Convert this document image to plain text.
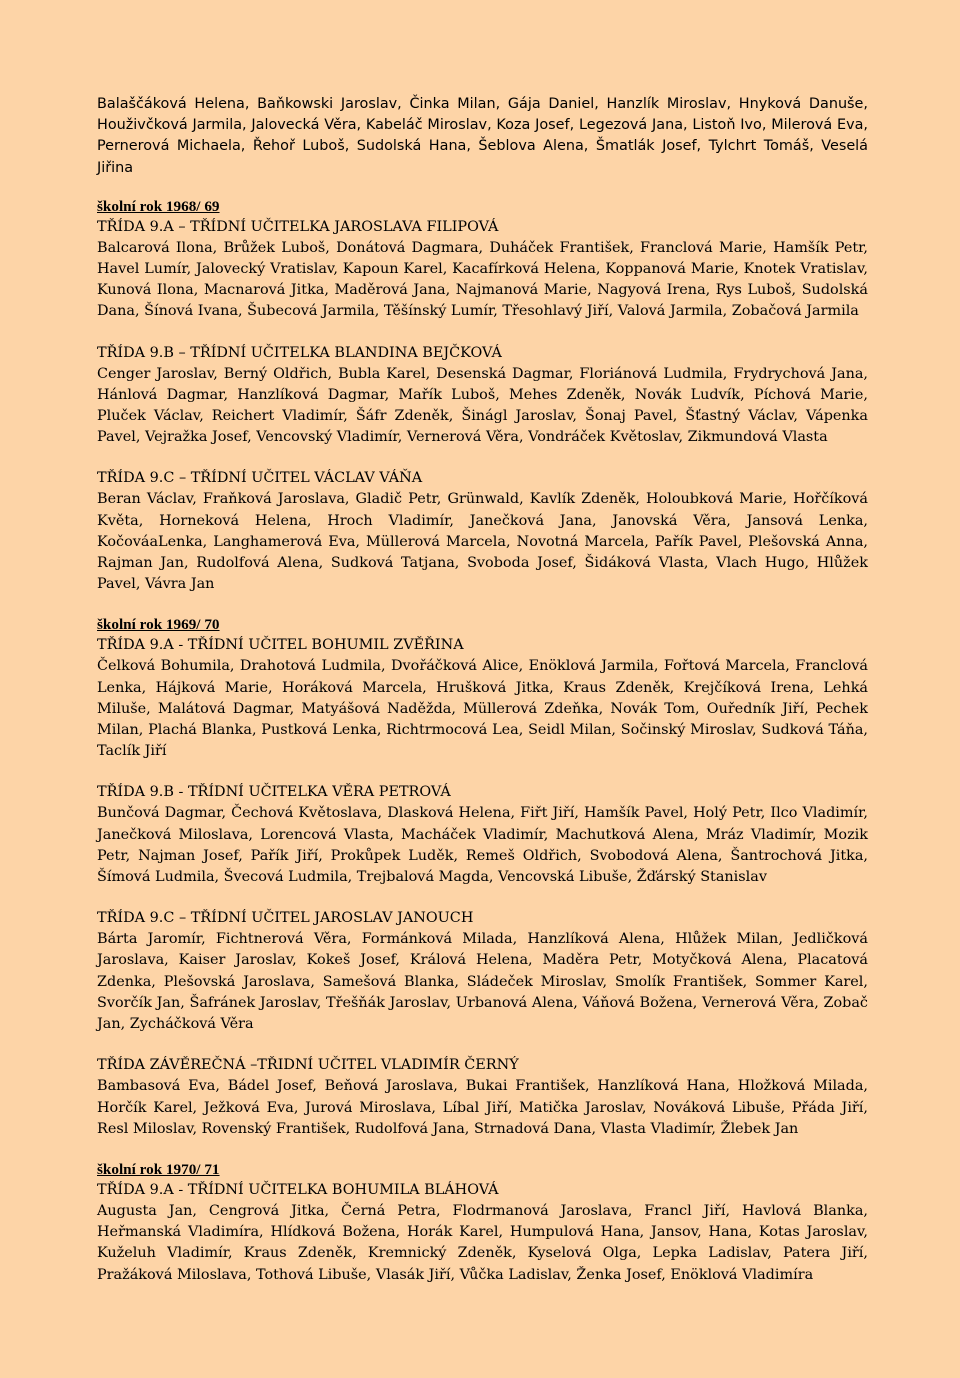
Balaščáková Helena, Baňkowski Jaroslav, Činka Milan, Gája Daniel, Hanzlík Miroslav, Hnyková Danuše, Houživčková Jarmila, Jalovecká Věra, Kabeláč Miroslav, Koza Josef, Legezová Jana, Listoň Ivo, Milerová Eva, Pernerová Michaela, Řehoř Luboš, Sudolská Hana, Šeblova Alena, Šmatlák Josef, Tylchrt Tomáš, Veselá Jiřina

školní rok 1968/ 69
TŘÍDA 9.A – TŘÍDNÍ UČITELKA JAROSLAVA FILIPOVÁ

Balcarová Ilona, Brůžek Luboš, Donátová Dagmara, Duháček František, Franclová Marie, Hamšík Petr, Havel Lumír, Jalovecký Vratislav, Kapoun Karel, Kacafírková Helena, Koppanová Marie, Knotek Vratislav, Kunová Ilona, Macnarová Jitka, Maděrová Jana, Najmanová Marie, Nagyová Irena, Rys Luboš, Sudolská Dana, Šínová Ivana, Šubecová Jarmila, Těšínský Lumír, Třesohlavý Jiří, Valová Jarmila, Zobačová Jarmila

TŘÍDA 9.B – TŘÍDNÍ UČITELKA BLANDINA BEJČKOVÁ

Cenger Jaroslav, Berný Oldřich, Bubla Karel, Desenská Dagmar, Floriánová Ludmila, Frydrychová Jana, Hánlová Dagmar, Hanzlíková Dagmar, Mařík Luboš, Mehes Zdeněk, Novák Ludvík, Píchová Marie, Pluček Václav, Reichert Vladimír, Šáfr Zdeněk, Šinágl Jaroslav, Šonaj Pavel, Šťastný Václav, Vápenka Pavel, Vejražka Josef, Vencovský Vladimír, Vernerová Věra, Vondráček Květoslav, Zikmundová Vlasta

TŘÍDA 9.C – TŘÍDNÍ UČITEL VÁCLAV VÁŇA

Beran Václav, Fraňková Jaroslava, Gladič Petr, Grünwald, Kavlík Zdeněk, Holoubková Marie, Hořčíková Květa, Horneková Helena, Hroch Vladimír, Janečková Jana, Janovská Věra, Jansová Lenka, KočováaLenka, Langhamerová Eva, Müllerová Marcela, Novotná Marcela, Pařík Pavel, Plešovská Anna, Rajman Jan, Rudolfová Alena, Sudková Tatjana, Svoboda Josef, Šidáková Vlasta, Vlach Hugo, Hlůžek Pavel, Vávra Jan

školní rok 1969/ 70
TŘÍDA 9.A - TŘÍDNÍ UČITEL BOHUMIL ZVĚŘINA

Čelková Bohumila, Drahotová Ludmila, Dvořáčková Alice, Enöklová Jarmila, Fořtová Marcela, Franclová Lenka, Hájková Marie, Horáková Marcela, Hrušková Jitka, Kraus Zdeněk, Krejčíková Irena, Lehká Miluše, Malátová Dagmar, Matyášová Naděžda, Müllerová Zdeňka, Novák Tom, Ouředník Jiří, Pechek Milan, Plachá Blanka, Pustková Lenka, Richtrmocová Lea, Seidl Milan, Sočinský Miroslav, Sudková Táňa, Taclík Jiří

TŘÍDA 9.B - TŘÍDNÍ UČITELKA VĚRA PETROVÁ

Bunčová Dagmar, Čechová Květoslava, Dlasková Helena, Fiřt Jiří, Hamšík Pavel, Holý Petr, Ilco Vladimír, Janečková Miloslava, Lorencová Vlasta, Macháček Vladimír, Machutková Alena, Mráz Vladimír, Mozik Petr, Najman Josef, Pařík Jiří, Prokůpek Luděk, Remeš Oldřich, Svobodová Alena, Šantrochová Jitka, Šímová Ludmila, Švecová Ludmila, Trejbalová Magda, Vencovská Libuše, Žďárský Stanislav

TŘÍDA 9.C – TŘÍDNÍ UČITEL JAROSLAV JANOUCH

Bárta Jaromír, Fichtnerová Věra, Formánková Milada, Hanzlíková Alena, Hlůžek Milan, Jedličková Jaroslava, Kaiser Jaroslav, Kokeš Josef, Králová Helena, Maděra Petr, Motyčková Alena, Placatová Zdenka, Plešovská Jaroslava, Samešová Blanka, Sládeček Miroslav, Smolík František, Sommer Karel, Svorčík Jan, Šafránek Jaroslav, Třešňák Jaroslav, Urbanová Alena, Váňová Božena, Vernerová Věra, Zobač Jan, Zycháčková Věra

TŘÍDA ZÁVĚREČNÁ –TŘIDNÍ UČITEL VLADIMÍR ČERNÝ

Bambasová Eva, Bádel Josef, Beňová Jaroslava, Bukai František, Hanzlíková Hana, Hložková Milada, Horčík Karel, Ježková Eva, Jurová Miroslava, Líbal Jiří, Matička Jaroslav, Nováková Libuše, Přáda Jiří, Resl Miloslav, Rovenský František, Rudolfová Jana, Strnadová Dana, Vlasta Vladimír, Žlebek Jan

školní rok 1970/ 71
TŘÍDA 9.A - TŘÍDNÍ UČITELKA BOHUMILA BLÁHOVÁ

Augusta Jan, Cengrová Jitka, Černá Petra, Flodrmanová Jaroslava, Francl Jiří, Havlová Blanka, Heřmanská Vladimíra, Hlídková Božena, Horák Karel, Humpulová Hana, Jansov, Hana, Kotas Jaroslav, Kuželuh Vladimír, Kraus Zdeněk, Kremnický Zdeněk, Kyselová Olga, Lepka Ladislav, Patera Jiří, Pražáková Miloslava, Tothová Libuše, Vlasák Jiří, Vůčka Ladislav, Ženka Josef, Enöklová Vladimíra
